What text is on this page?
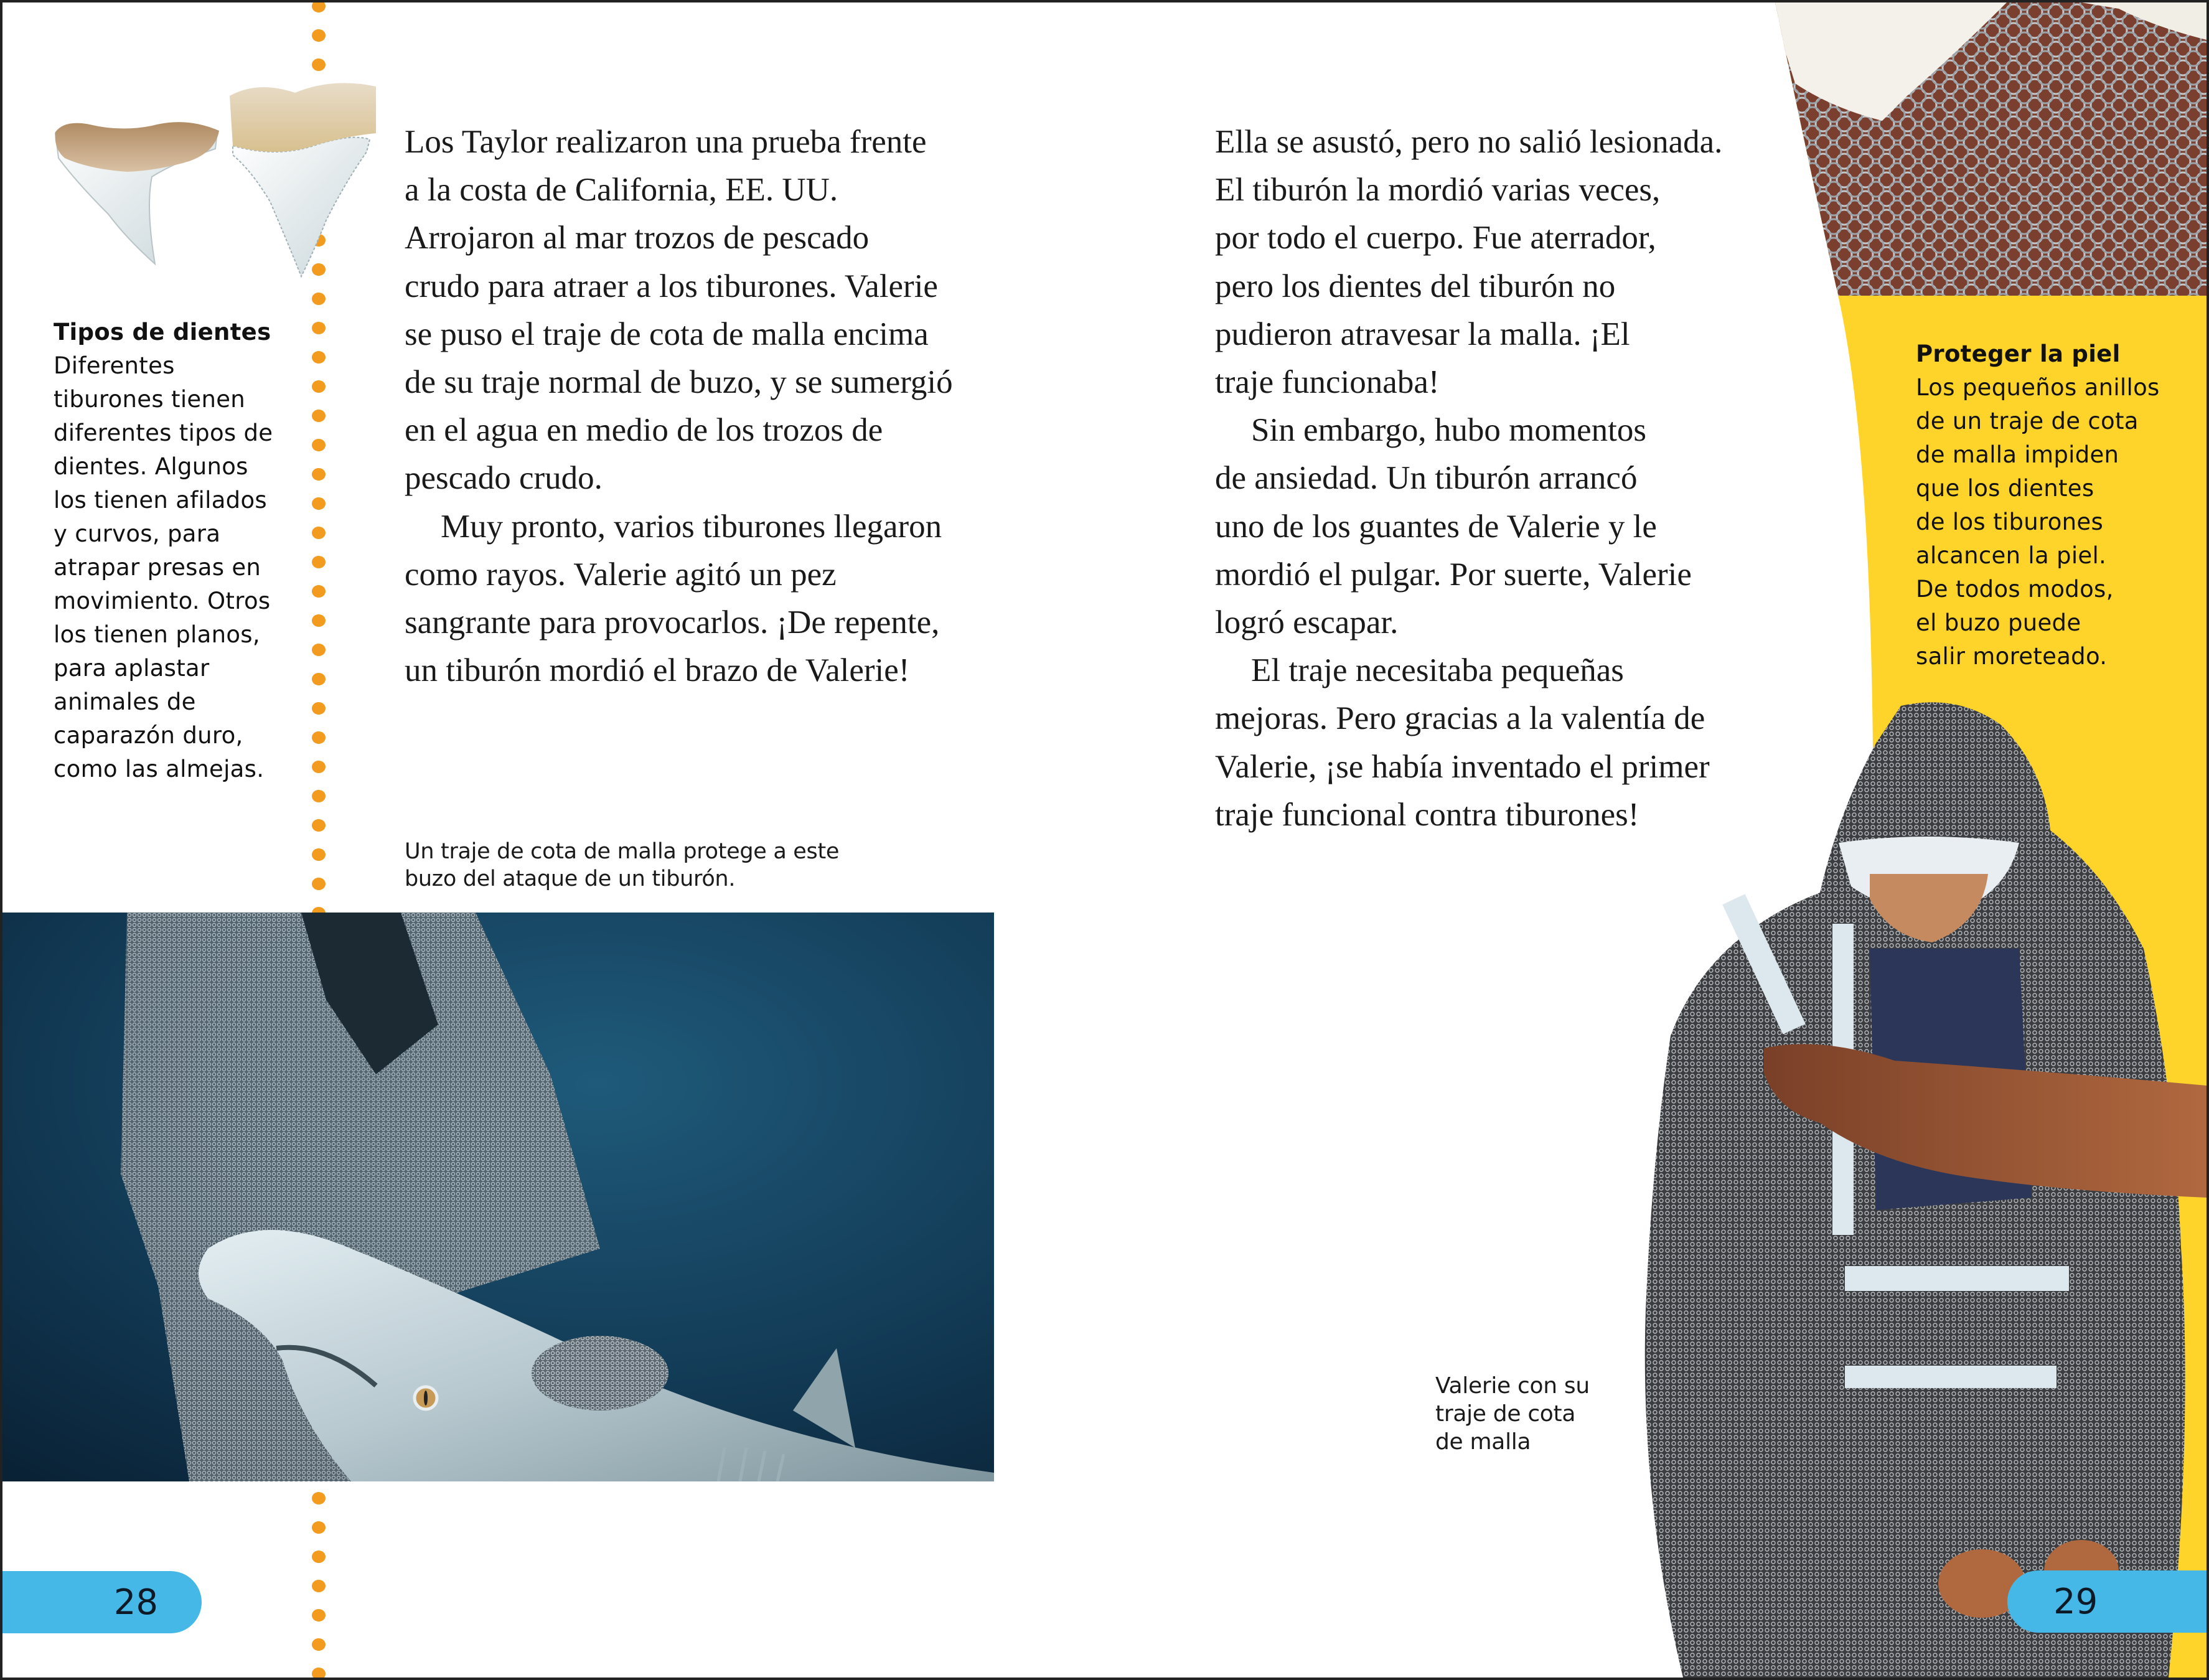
Tipos de dientes
Diferentes
tiburones tienen
diferentes tipos de
dientes. Algunos
los tienen afilados
y curvos, para
atrapar presas en
movimiento. Otros
los tienen planos,
para aplastar
animales de
caparazón duro,
como las almejas.
Los Taylor realizaron una prueba frente
a la costa de California, EE. UU.
Arrojaron al mar trozos de pescado
crudo para atraer a los tiburones. Valerie
se puso el traje de cota de malla encima
de su traje normal de buzo, y se sumergió
en el agua en medio de los trozos de
pescado crudo.
Muy pronto, varios tiburones llegaron
como rayos. Valerie agitó un pez
sangrante para provocarlos. ¡De repente,
un tiburón mordió el brazo de Valerie!
Un traje de cota de malla protege a este
buzo del ataque de un tiburón.
Ella se asustó, pero no salió lesionada.
El tiburón la mordió varias veces,
por todo el cuerpo. Fue aterrador,
pero los dientes del tiburón no
pudieron atravesar la malla. ¡El
traje funcionaba!
Sin embargo, hubo momentos
de ansiedad. Un tiburón arrancó
uno de los guantes de Valerie y le
mordió el pulgar. Por suerte, Valerie
logró escapar.
El traje necesitaba pequeñas
mejoras. Pero gracias a la valentía de
Valerie, ¡se había inventado el primer
traje funcional contra tiburones!
Proteger la piel
Los pequeños anillos
de un traje de cota
de malla impiden
que los dientes
de los tiburones
alcancen la piel.
De todos modos,
el buzo puede
salir moreteado.
Valerie con su
traje de cota
de malla
28	29
